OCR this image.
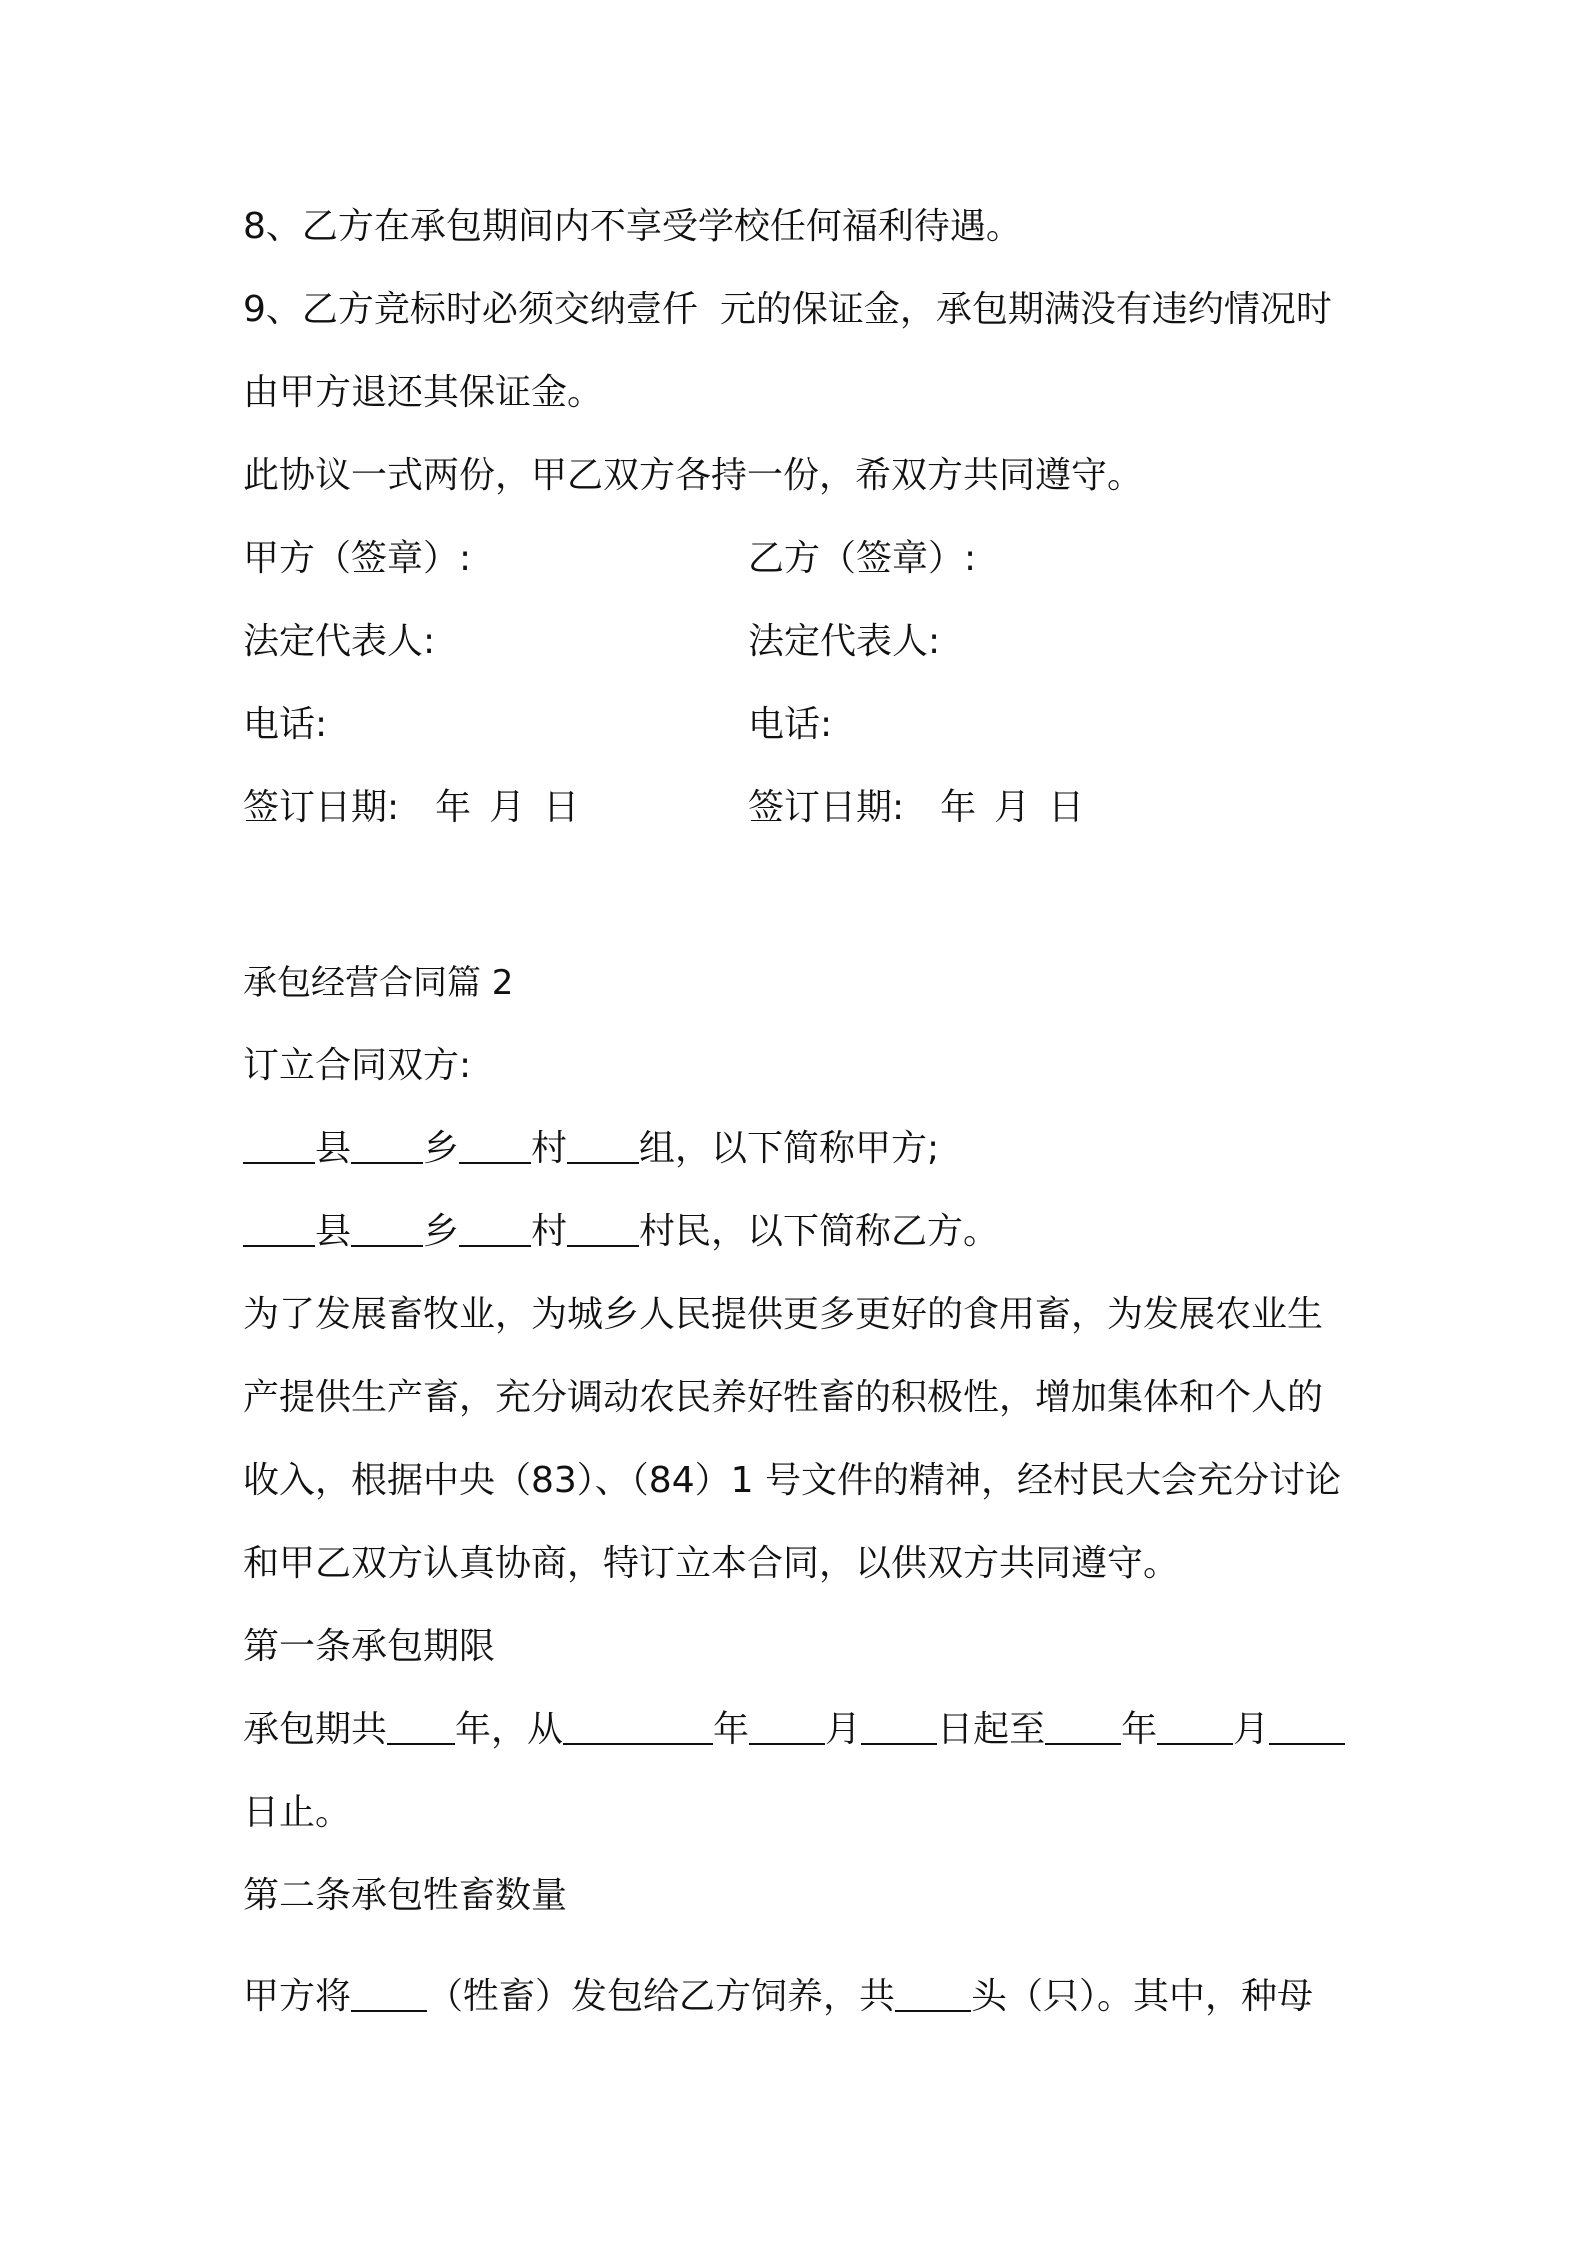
8、乙方在承包期间内不享受学校任何福利待遇。

9、乙方竞标时必须交纳壹仟 元的保证金，承包期满没有违约情况时

由甲方退还其保证金。

此协议一式两份，甲乙双方各持一份，希双方共同遵守。

甲方（签章）:	乙方（签章）:

法定代表人:	法定代表人:

电话:	电话:

签订日期: 年 月 日	签订日期: 年 月 日

承包经营合同篇 2

订立合同双方:

县 乡 村 组，以下简称甲方;

县 乡 村 村民，以下简称乙方。

为了发展畜牧业，为城乡人民提供更多更好的食用畜，为发展农业生

产提供生产畜，充分调动农民养好牲畜的积极性，增加集体和个人的

收入，根据中央（83）、（84）1 号文件的精神，经村民大会充分讨论

和甲乙双方认真协商，特订立本合同，以供双方共同遵守。

第一条承包期限

承包期共 年，从	年 月 日起至 年 月

日止。

第二条承包牲畜数量

甲方将 （牲畜）发包给乙方饲养，共 头（只）。其中，种母
